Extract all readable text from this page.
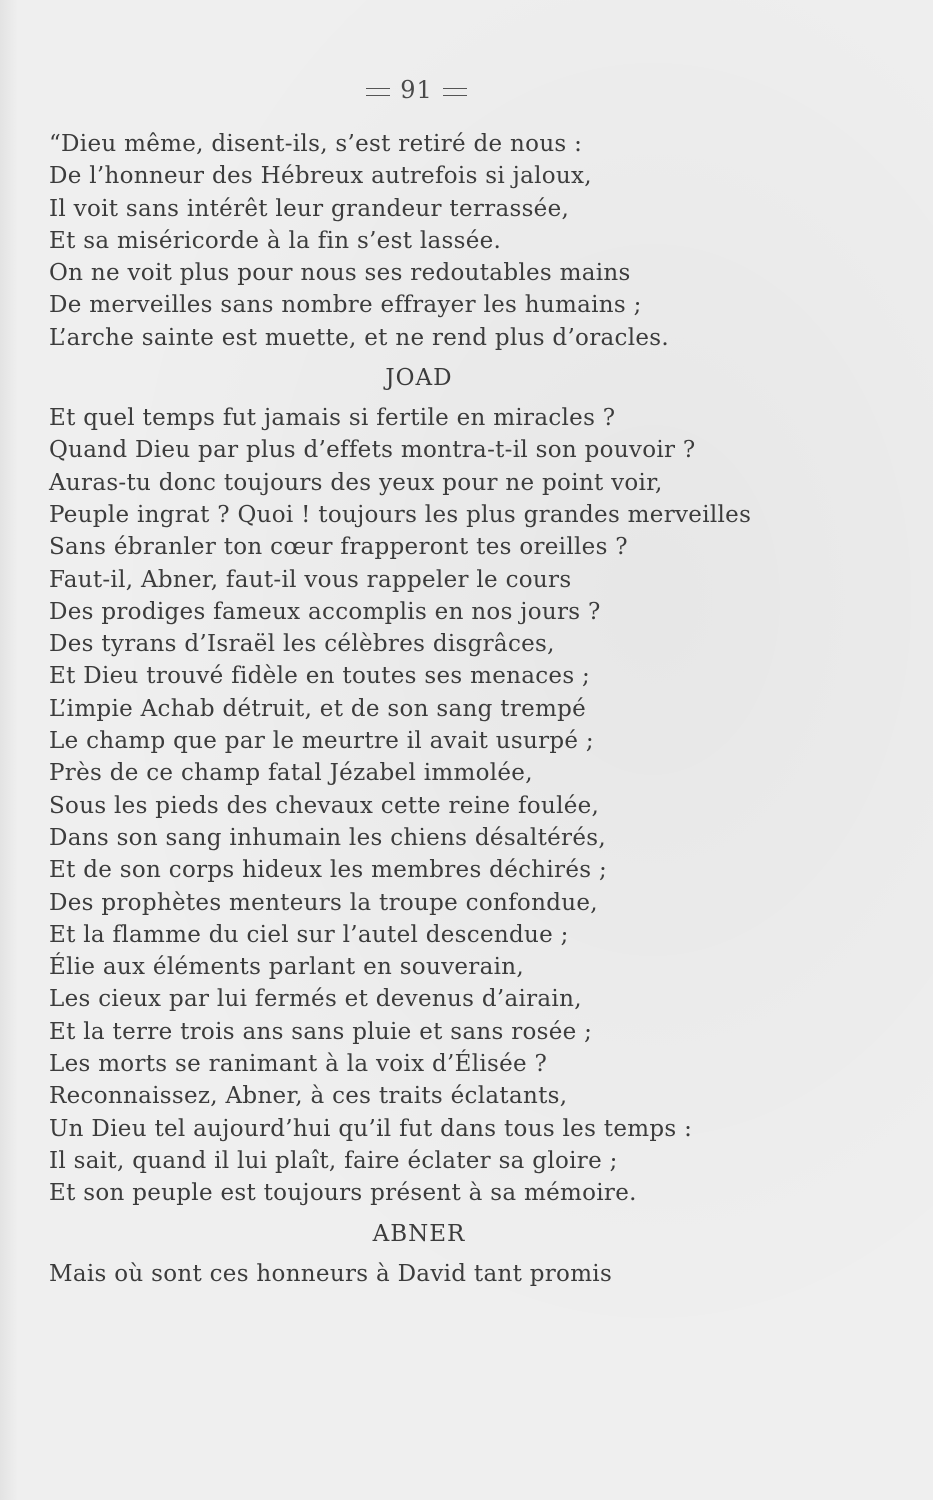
91
“Dieu même, disent-ils, s’est retiré de nous :
De l’honneur des Hébreux autrefois si jaloux,
Il voit sans intérêt leur grandeur terrassée,
Et sa miséricorde à la fin s’est lassée.
On ne voit plus pour nous ses redoutables mains
De merveilles sans nombre effrayer les humains ;
L’arche sainte est muette, et ne rend plus d’oracles.
JOAD
Et quel temps fut jamais si fertile en miracles ?
Quand Dieu par plus d’effets montra-t-il son pouvoir ?
Auras-tu donc toujours des yeux pour ne point voir,
Peuple ingrat ? Quoi ! toujours les plus grandes merveilles
Sans ébranler ton cœur frapperont tes oreilles ?
Faut-il, Abner, faut-il vous rappeler le cours
Des prodiges fameux accomplis en nos jours ?
Des tyrans d’Israël les célèbres disgrâces,
Et Dieu trouvé fidèle en toutes ses menaces ;
L’impie Achab détruit, et de son sang trempé
Le champ que par le meurtre il avait usurpé ;
Près de ce champ fatal Jézabel immolée,
Sous les pieds des chevaux cette reine foulée,
Dans son sang inhumain les chiens désaltérés,
Et de son corps hideux les membres déchirés ;
Des prophètes menteurs la troupe confondue,
Et la flamme du ciel sur l’autel descendue ;
Élie aux éléments parlant en souverain,
Les cieux par lui fermés et devenus d’airain,
Et la terre trois ans sans pluie et sans rosée ;
Les morts se ranimant à la voix d’Élisée ?
Reconnaissez, Abner, à ces traits éclatants,
Un Dieu tel aujourd’hui qu’il fut dans tous les temps :
Il sait, quand il lui plaît, faire éclater sa gloire ;
Et son peuple est toujours présent à sa mémoire.
ABNER
Mais où sont ces honneurs à David tant promis
